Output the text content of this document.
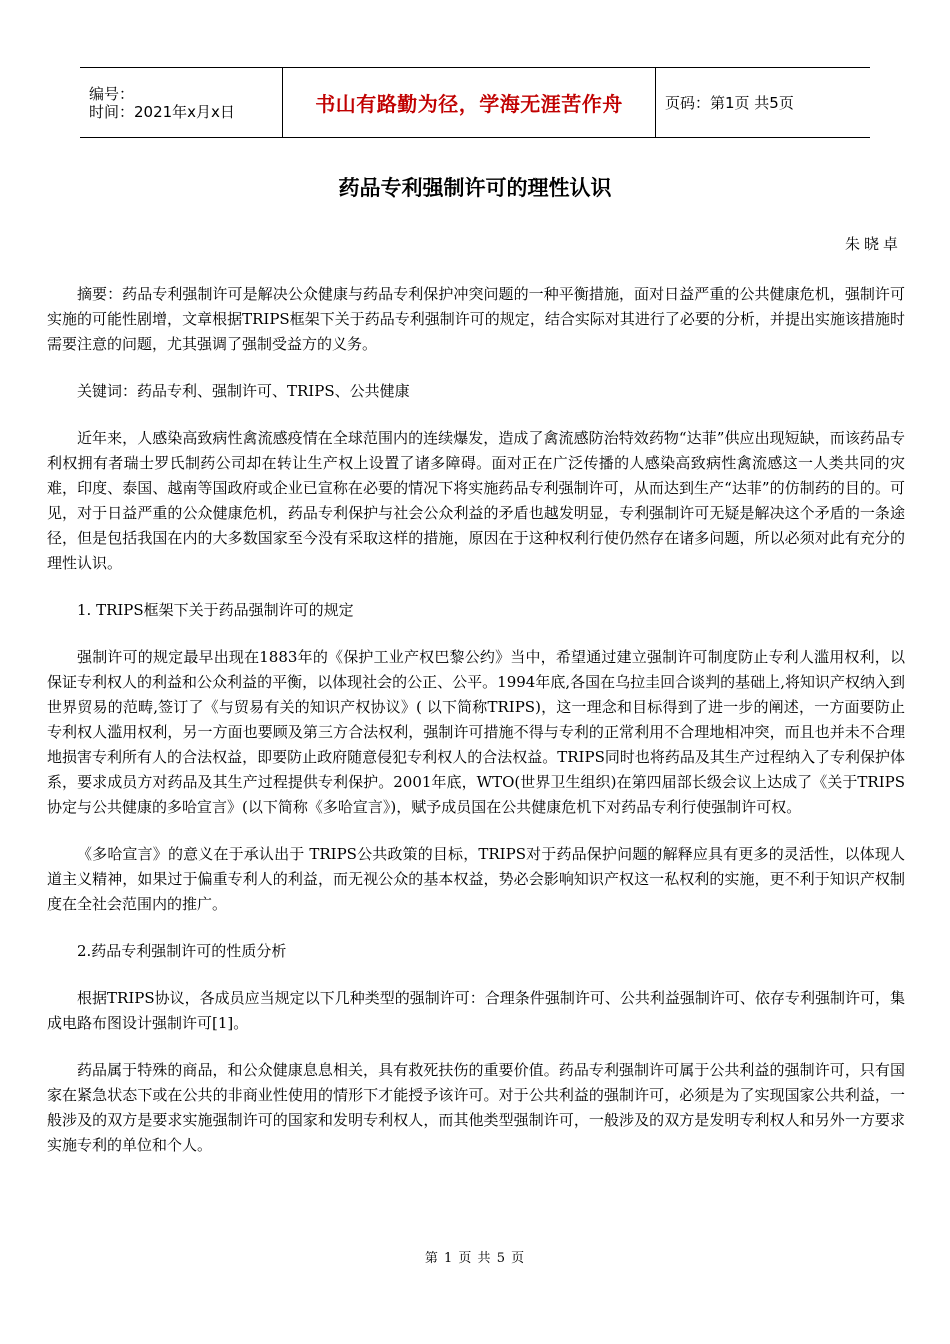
编号：
时间：2021年x月x日	书山有路勤为径，学海无涯苦作舟	页码：第1页 共5页
药品专利强制许可的理性认识
朱晓卓

摘要：药品专利强制许可是解决公众健康与药品专利保护冲突问题的一种平衡措施，面对日益严重的公共健康危机，强制许可实施的可能性剧增，文章根据TRIPS框架下关于药品专利强制许可的规定，结合实际对其进行了必要的分析，并提出实施该措施时需要注意的问题，尤其强调了强制受益方的义务。

关键词：药品专利、强制许可、TRIPS、公共健康

近年来，人感染高致病性禽流感疫情在全球范围内的连续爆发，造成了禽流感防治特效药物“达菲”供应出现短缺，而该药品专利权拥有者瑞士罗氏制药公司却在转让生产权上设置了诸多障碍。面对正在广泛传播的人感染高致病性禽流感这一人类共同的灾难，印度、泰国、越南等国政府或企业已宣称在必要的情况下将实施药品专利强制许可，从而达到生产“达菲”的仿制药的目的。可见，对于日益严重的公众健康危机，药品专利保护与社会公众利益的矛盾也越发明显，专利强制许可无疑是解决这个矛盾的一条途径，但是包括我国在内的大多数国家至今没有采取这样的措施，原因在于这种权利行使仍然存在诸多问题，所以必须对此有充分的理性认识。

1. TRIPS框架下关于药品强制许可的规定

强制许可的规定最早出现在1883年的《保护工业产权巴黎公约》当中，希望通过建立强制许可制度防止专利人滥用权利，以保证专利权人的利益和公众利益的平衡，以体现社会的公正、公平。1994年底,各国在乌拉圭回合谈判的基础上,将知识产权纳入到世界贸易的范畴,签订了《与贸易有关的知识产权协议》( 以下简称TRIPS)，这一理念和目标得到了进一步的阐述，一方面要防止专利权人滥用权利，另一方面也要顾及第三方合法权利，强制许可措施不得与专利的正常利用不合理地相冲突，而且也并未不合理地损害专利所有人的合法权益，即要防止政府随意侵犯专利权人的合法权益。TRIPS同时也将药品及其生产过程纳入了专利保护体系，要求成员方对药品及其生产过程提供专利保护。2001年底，WTO(世界卫生组织)在第四届部长级会议上达成了《关于TRIPS协定与公共健康的多哈宣言》(以下简称《多哈宣言》)，赋予成员国在公共健康危机下对药品专利行使强制许可权。

《多哈宣言》的意义在于承认出于 TRIPS公共政策的目标，TRIPS对于药品保护问题的解释应具有更多的灵活性，以体现人道主义精神，如果过于偏重专利人的利益，而无视公众的基本权益，势必会影响知识产权这一私权利的实施，更不利于知识产权制度在全社会范围内的推广。

2.药品专利强制许可的性质分析

根据TRIPS协议，各成员应当规定以下几种类型的强制许可：合理条件强制许可、公共利益强制许可、依存专利强制许可，集成电路布图设计强制许可[1]。

药品属于特殊的商品，和公众健康息息相关，具有救死扶伤的重要价值。药品专利强制许可属于公共利益的强制许可，只有国家在紧急状态下或在公共的非商业性使用的情形下才能授予该许可。对于公共利益的强制许可，必须是为了实现国家公共利益，一般涉及的双方是要求实施强制许可的国家和发明专利权人，而其他类型强制许可，一般涉及的双方是发明专利权人和另外一方要求实施专利的单位和个人。

第 1 页 共 5 页
